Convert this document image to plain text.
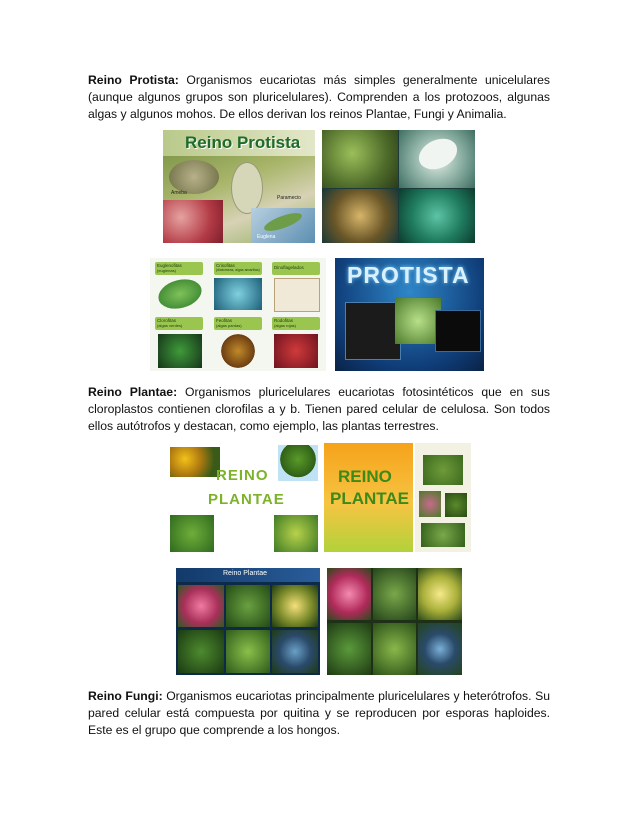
Reino Protista: Organismos eucariotas más simples generalmente unicelulares (aunque algunos grupos son pluricelulares). Comprenden a los protozoos, algunas algas y algunos mohos. De ellos derivan los reinos Plantae, Fungi y Animalia.
Reino Protista
Paramecio
Euglena
Ameba
Euglenofitas
(euglenas)
Crisofitas
(diatomeas, algas amarillas)	Dinoflagelados
Clorofitas
(algas verdes)
Feofitas
(algas pardas)
Rodofitas
(algas rojas)
PROTISTA
Reino Plantae: Organismos pluricelulares eucariotas fotosintéticos que en sus cloroplastos contienen clorofilas a y b. Tienen pared celular de celulosa. Son todos ellos autótrofos y destacan, como ejemplo, las plantas terrestres.
REINO
PLANTAE
REINO
PLANTAE
Reino Plantae
Reino Fungi: Organismos eucariotas principalmente pluricelulares y heterótrofos. Su pared celular está compuesta por quitina y se reproducen por esporas haploides. Este es el grupo que comprende a los hongos.
